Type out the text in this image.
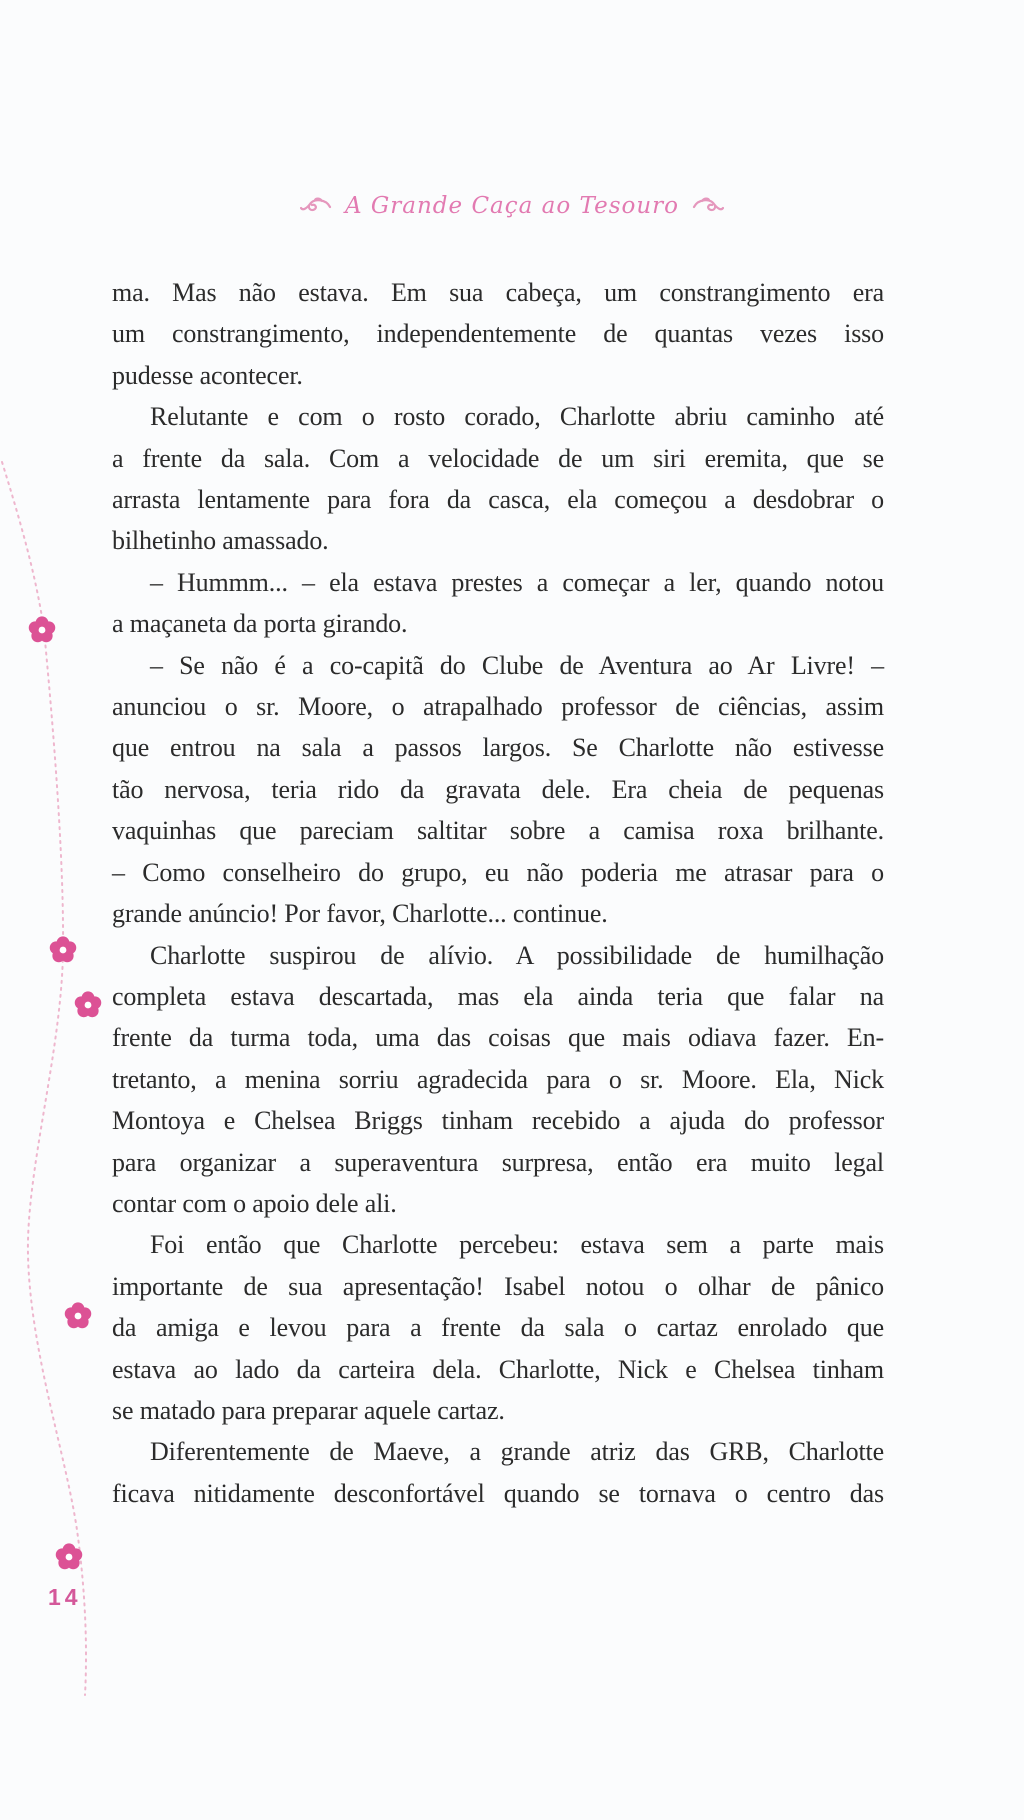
A Grande Caça ao Tesouro
ma. Mas não estava. Em sua cabeça, um constrangimento era
um constrangimento, independentemente de quantas vezes isso
pudesse acontecer.
Relutante e com o rosto corado, Charlotte abriu caminho até
a frente da sala. Com a velocidade de um siri eremita, que se
arrasta lentamente para fora da casca, ela começou a desdobrar o
bilhetinho amassado.
– Hummm... – ela estava prestes a começar a ler, quando notou
a maçaneta da porta girando.
– Se não é a co-capitã do Clube de Aventura ao Ar Livre! –
anunciou o sr. Moore, o atrapalhado professor de ciências, assim
que entrou na sala a passos largos. Se Charlotte não estivesse
tão nervosa, teria rido da gravata dele. Era cheia de pequenas
vaquinhas que pareciam saltitar sobre a camisa roxa brilhante.
– Como conselheiro do grupo, eu não poderia me atrasar para o
grande anúncio! Por favor, Charlotte... continue.
Charlotte suspirou de alívio. A possibilidade de humilhação
completa estava descartada, mas ela ainda teria que falar na
frente da turma toda, uma das coisas que mais odiava fazer. En-
tretanto, a menina sorriu agradecida para o sr. Moore. Ela, Nick
Montoya e Chelsea Briggs tinham recebido a ajuda do professor
para organizar a superaventura surpresa, então era muito legal
contar com o apoio dele ali.
Foi então que Charlotte percebeu: estava sem a parte mais
importante de sua apresentação! Isabel notou o olhar de pânico
da amiga e levou para a frente da sala o cartaz enrolado que
estava ao lado da carteira dela. Charlotte, Nick e Chelsea tinham
se matado para preparar aquele cartaz.
Diferentemente de Maeve, a grande atriz das GRB, Charlotte
ficava nitidamente desconfortável quando se tornava o centro das
14
